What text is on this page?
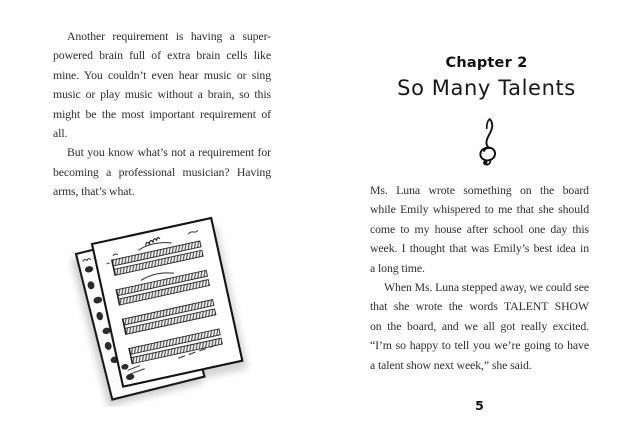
Another requirement is having a super-
powered brain full of extra brain cells like
mine. You couldn’t even hear music or sing
music or play music without a brain, so this
might be the most important requirement of
all.
But you know what’s not a requirement for
becoming a professional musician? Having
arms, that’s what.
Chapter 2
So Many Talents
Ms. Luna wrote something on the board
while Emily whispered to me that she should
come to my house after school one day this
week. I thought that was Emily’s best idea in
a long time.
When Ms. Luna stepped away, we could see
that she wrote the words TALENT SHOW
on the board, and we all got really excited.
“I’m so happy to tell you we’re going to have
a talent show next week,” she said.
5
